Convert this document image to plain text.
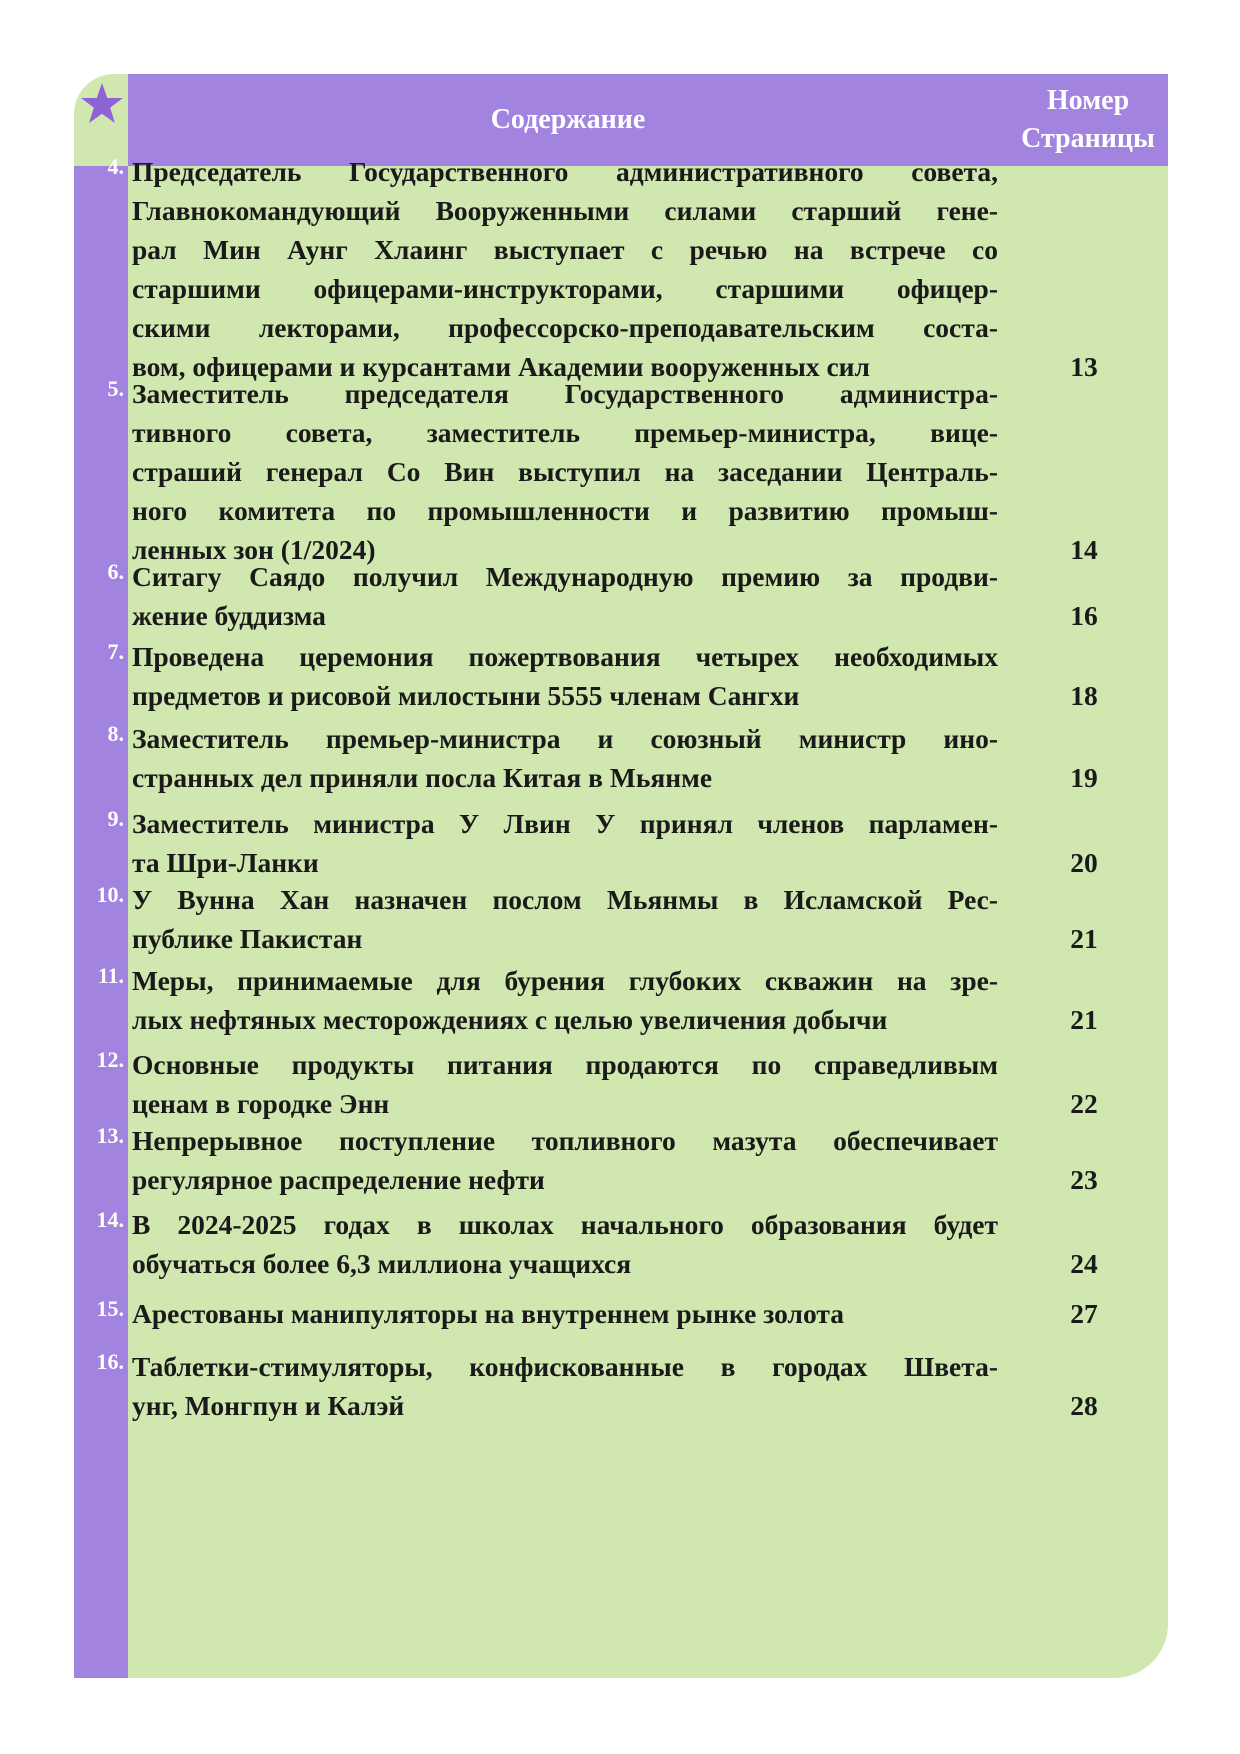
Содержание
Номер
Страницы
4. Председатель Государственного административного совета,
Главнокомандующий Вооруженными силами старший гене-
рал Мин Аунг Хлаинг выступает с речью на встрече со
старшими офицерами-инструкторами, старшими офицер-
скими лекторами, профессорско-преподавательским соста-
вом, офицерами и курсантами Академии вооруженных сил	13
5. Заместитель председателя Государственного администра-
тивного совета, заместитель премьер-министра, вице-
страший генерал Со Вин выступил на заседании Централь-
ного комитета по промышленности и развитию промыш-
ленных зон (1/2024)	14
6. Ситагу Саядо получил Международную премию за продви-
жение буддизма	16
7. Проведена церемония пожертвования четырех необходимых
предметов и рисовой милостыни 5555 членам Сангхи	18
8. Заместитель премьер-министра и союзный министр ино-
странных дел приняли посла Китая в Мьянме	19
9. Заместитель министра У Лвин У принял членов парламен-
та Шри-Ланки	20
10. У Вунна Хан назначен послом Мьянмы в Исламской Рес-
публике Пакистан	21
11. Меры, принимаемые для бурения глубоких скважин на зре-
лых нефтяных месторождениях с целью увеличения добычи	21
12. Основные продукты питания продаются по справедливым
ценам в городке Энн	22
13. Непрерывное поступление топливного мазута обеспечивает
регулярное распределение нефти	23
14. В 2024-2025 годах в школах начального образования будет
обучаться более 6,3 миллиона учащихся	24
15. Арестованы манипуляторы на внутреннем рынке золота	27
16. Таблетки-стимуляторы, конфискованные в городах Швета-
унг, Монгпун и Калэй	28
